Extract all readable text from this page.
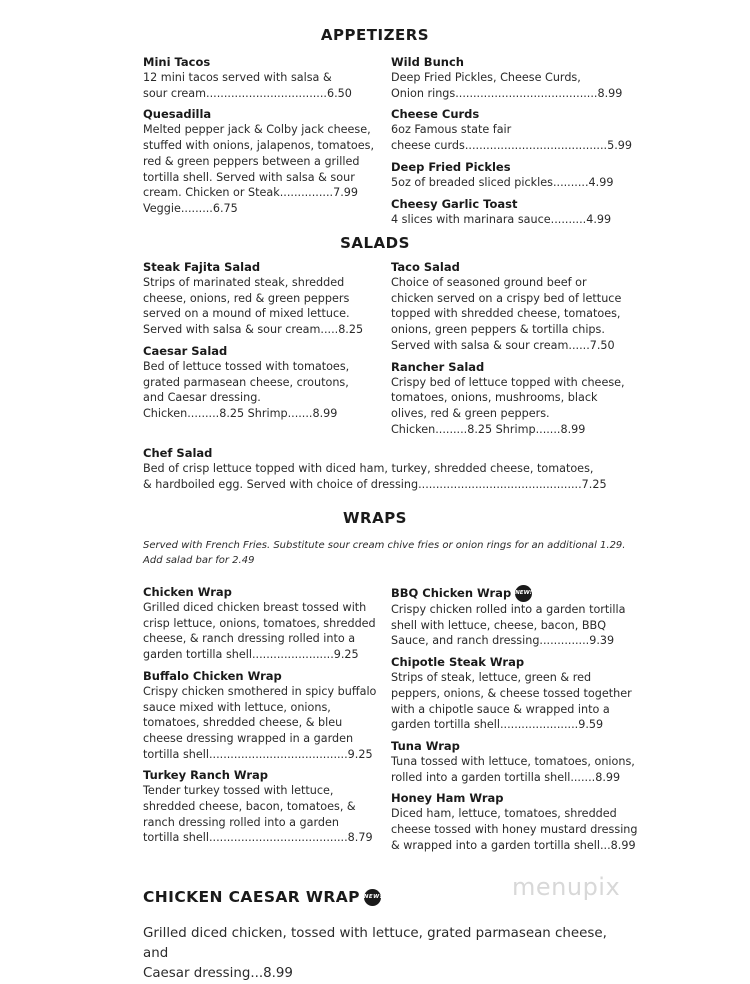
APPETIZERS
Mini Tacos
12 mini tacos served with salsa &
sour cream..................................6.50
Quesadilla
Melted pepper jack & Colby jack cheese,
stuffed with onions, jalapenos, tomatoes,
red & green peppers between a grilled
tortilla shell. Served with salsa & sour
cream. Chicken or Steak...............7.99
Veggie.........6.75
Wild Bunch
Deep Fried Pickles, Cheese Curds,
Onion rings........................................8.99
Cheese Curds
6oz Famous state fair
cheese curds........................................5.99
Deep Fried Pickles
5oz of breaded sliced pickles..........4.99
Cheesy Garlic Toast
4 slices with marinara sauce..........4.99
SALADS
Steak Fajita Salad
Strips of marinated steak, shredded
cheese, onions, red & green peppers
served on a mound of mixed lettuce.
Served with salsa & sour cream.....8.25
Caesar Salad
Bed of lettuce tossed with tomatoes,
grated parmasean cheese, croutons,
and Caesar dressing.
Chicken.........8.25 Shrimp.......8.99
Taco Salad
Choice of seasoned ground beef or
chicken served on a crispy bed of lettuce
topped with shredded cheese, tomatoes,
onions, green peppers & tortilla chips.
Served with salsa & sour cream......7.50
Rancher Salad
Crispy bed of lettuce topped with cheese,
tomatoes, onions, mushrooms, black
olives, red & green peppers.
Chicken.........8.25 Shrimp.......8.99
Chef Salad
Bed of crisp lettuce topped with diced ham, turkey, shredded cheese, tomatoes,
& hardboiled egg. Served with choice of dressing..............................................7.25
WRAPS
Served with French Fries. Substitute sour cream chive fries or onion rings for an additional 1.29.
Add salad bar for 2.49
Chicken Wrap
Grilled diced chicken breast tossed with
crisp lettuce, onions, tomatoes, shredded
cheese, & ranch dressing rolled into a
garden tortilla shell.......................9.25
Buffalo Chicken Wrap
Crispy chicken smothered in spicy buffalo
sauce mixed with lettuce, onions,
tomatoes, shredded cheese, & bleu
cheese dressing wrapped in a garden
tortilla shell.......................................9.25
Turkey Ranch Wrap
Tender turkey tossed with lettuce,
shredded cheese, bacon, tomatoes, &
ranch dressing rolled into a garden
tortilla shell.......................................8.79
BBQ Chicken Wrap NEW!
Crispy chicken rolled into a garden tortilla
shell with lettuce, cheese, bacon, BBQ
Sauce, and ranch dressing..............9.39
Chipotle Steak Wrap
Strips of steak, lettuce, green & red
peppers, onions, & cheese tossed together
with a chipotle sauce & wrapped into a
garden tortilla shell......................9.59
Tuna Wrap
Tuna tossed with lettuce, tomatoes, onions,
rolled into a garden tortilla shell.......8.99
Honey Ham Wrap
Diced ham, lettuce, tomatoes, shredded
cheese tossed with honey mustard dressing
& wrapped into a garden tortilla shell...8.99
CHICKEN CAESAR WRAP NEW!
Grilled diced chicken, tossed with lettuce, grated parmasean cheese, and
Caesar dressing...8.99
menupix
